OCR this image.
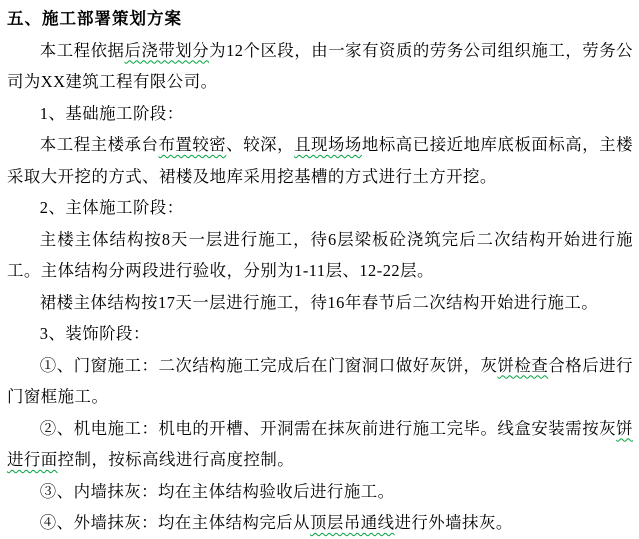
五、施工部署策划方案

本工程依据后浇带划分为12个区段，由一家有资质的劳务公司组织施工，劳务公司为XX建筑工程有限公司。

1、基础施工阶段：

本工程主楼承台布置较密、较深，且现场场地标高已接近地库底板面标高，主楼采取大开挖的方式、裙楼及地库采用挖基槽的方式进行土方开挖。

2、主体施工阶段：

主楼主体结构按8天一层进行施工，待6层梁板砼浇筑完后二次结构开始进行施工。主体结构分两段进行验收，分别为1-11层、12-22层。

裙楼主体结构按17天一层进行施工，待16年春节后二次结构开始进行施工。

3、装饰阶段：

①、门窗施工：二次结构施工完成后在门窗洞口做好灰饼，灰饼检查合格后进行门窗框施工。

②、机电施工：机电的开槽、开洞需在抹灰前进行施工完毕。线盒安装需按灰饼进行面控制，按标高线进行高度控制。

③、内墙抹灰：均在主体结构验收后进行施工。

④、外墙抹灰：均在主体结构完后从顶层吊通线进行外墙抹灰。
